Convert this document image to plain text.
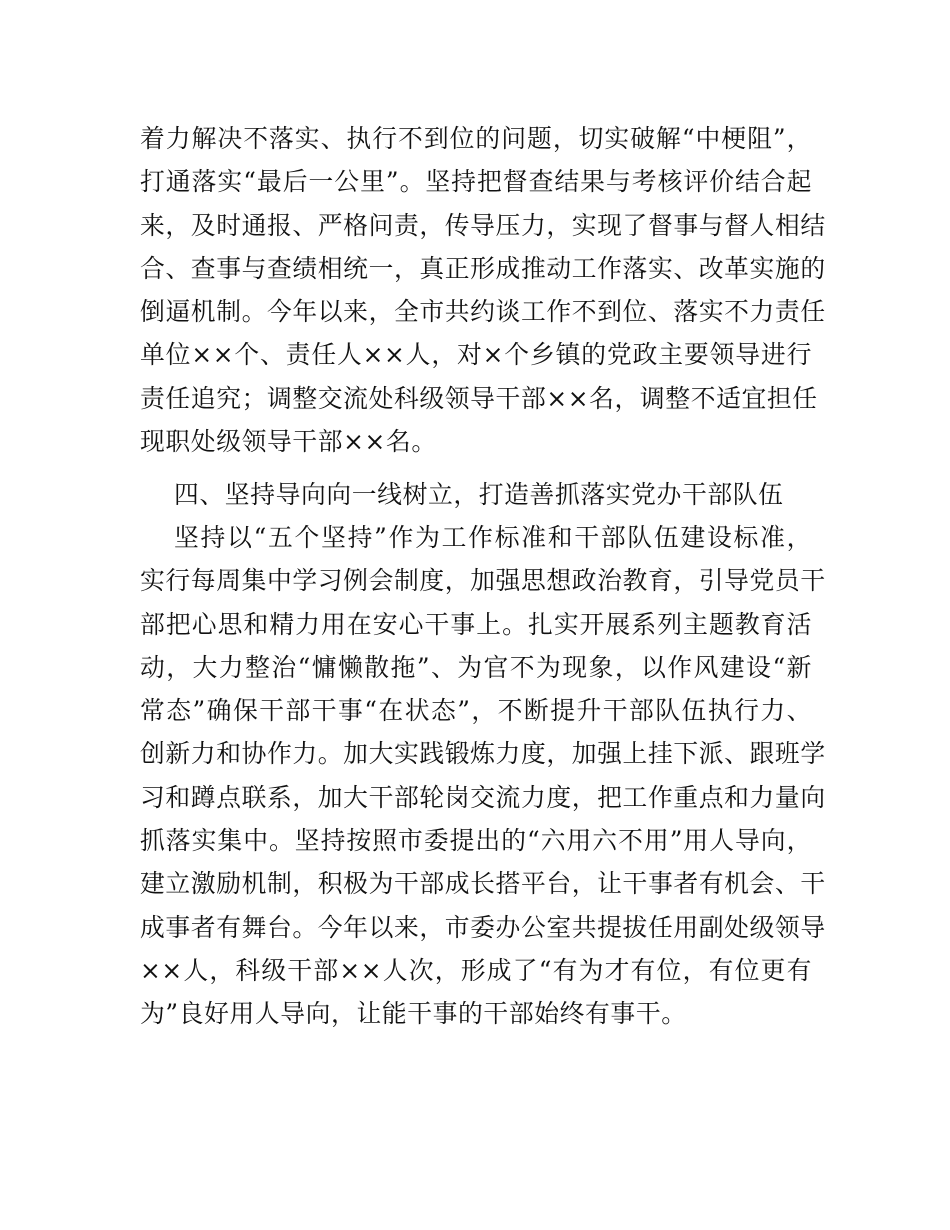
着力解决不落实、执行不到位的问题，切实破解“中梗阻”，
打通落实“最后一公里”。坚持把督查结果与考核评价结合起
来，及时通报、严格问责，传导压力，实现了督事与督人相结
合、查事与查绩相统一，真正形成推动工作落实、改革实施的
倒逼机制。今年以来，全市共约谈工作不到位、落实不力责任
单位××个、责任人××人，对×个乡镇的党政主要领导进行
责任追究；调整交流处科级领导干部××名，调整不适宜担任
现职处级领导干部××名。
四、坚持导向向一线树立，打造善抓落实党办干部队伍
坚持以“五个坚持”作为工作标准和干部队伍建设标准，
实行每周集中学习例会制度，加强思想政治教育，引导党员干
部把心思和精力用在安心干事上。扎实开展系列主题教育活
动，大力整治“慵懒散拖”、为官不为现象，以作风建设“新
常态”确保干部干事“在状态”，不断提升干部队伍执行力、
创新力和协作力。加大实践锻炼力度，加强上挂下派、跟班学
习和蹲点联系，加大干部轮岗交流力度，把工作重点和力量向
抓落实集中。坚持按照市委提出的“六用六不用”用人导向，
建立激励机制，积极为干部成长搭平台，让干事者有机会、干
成事者有舞台。今年以来，市委办公室共提拔任用副处级领导
××人，科级干部××人次，形成了“有为才有位，有位更有
为”良好用人导向，让能干事的干部始终有事干。
